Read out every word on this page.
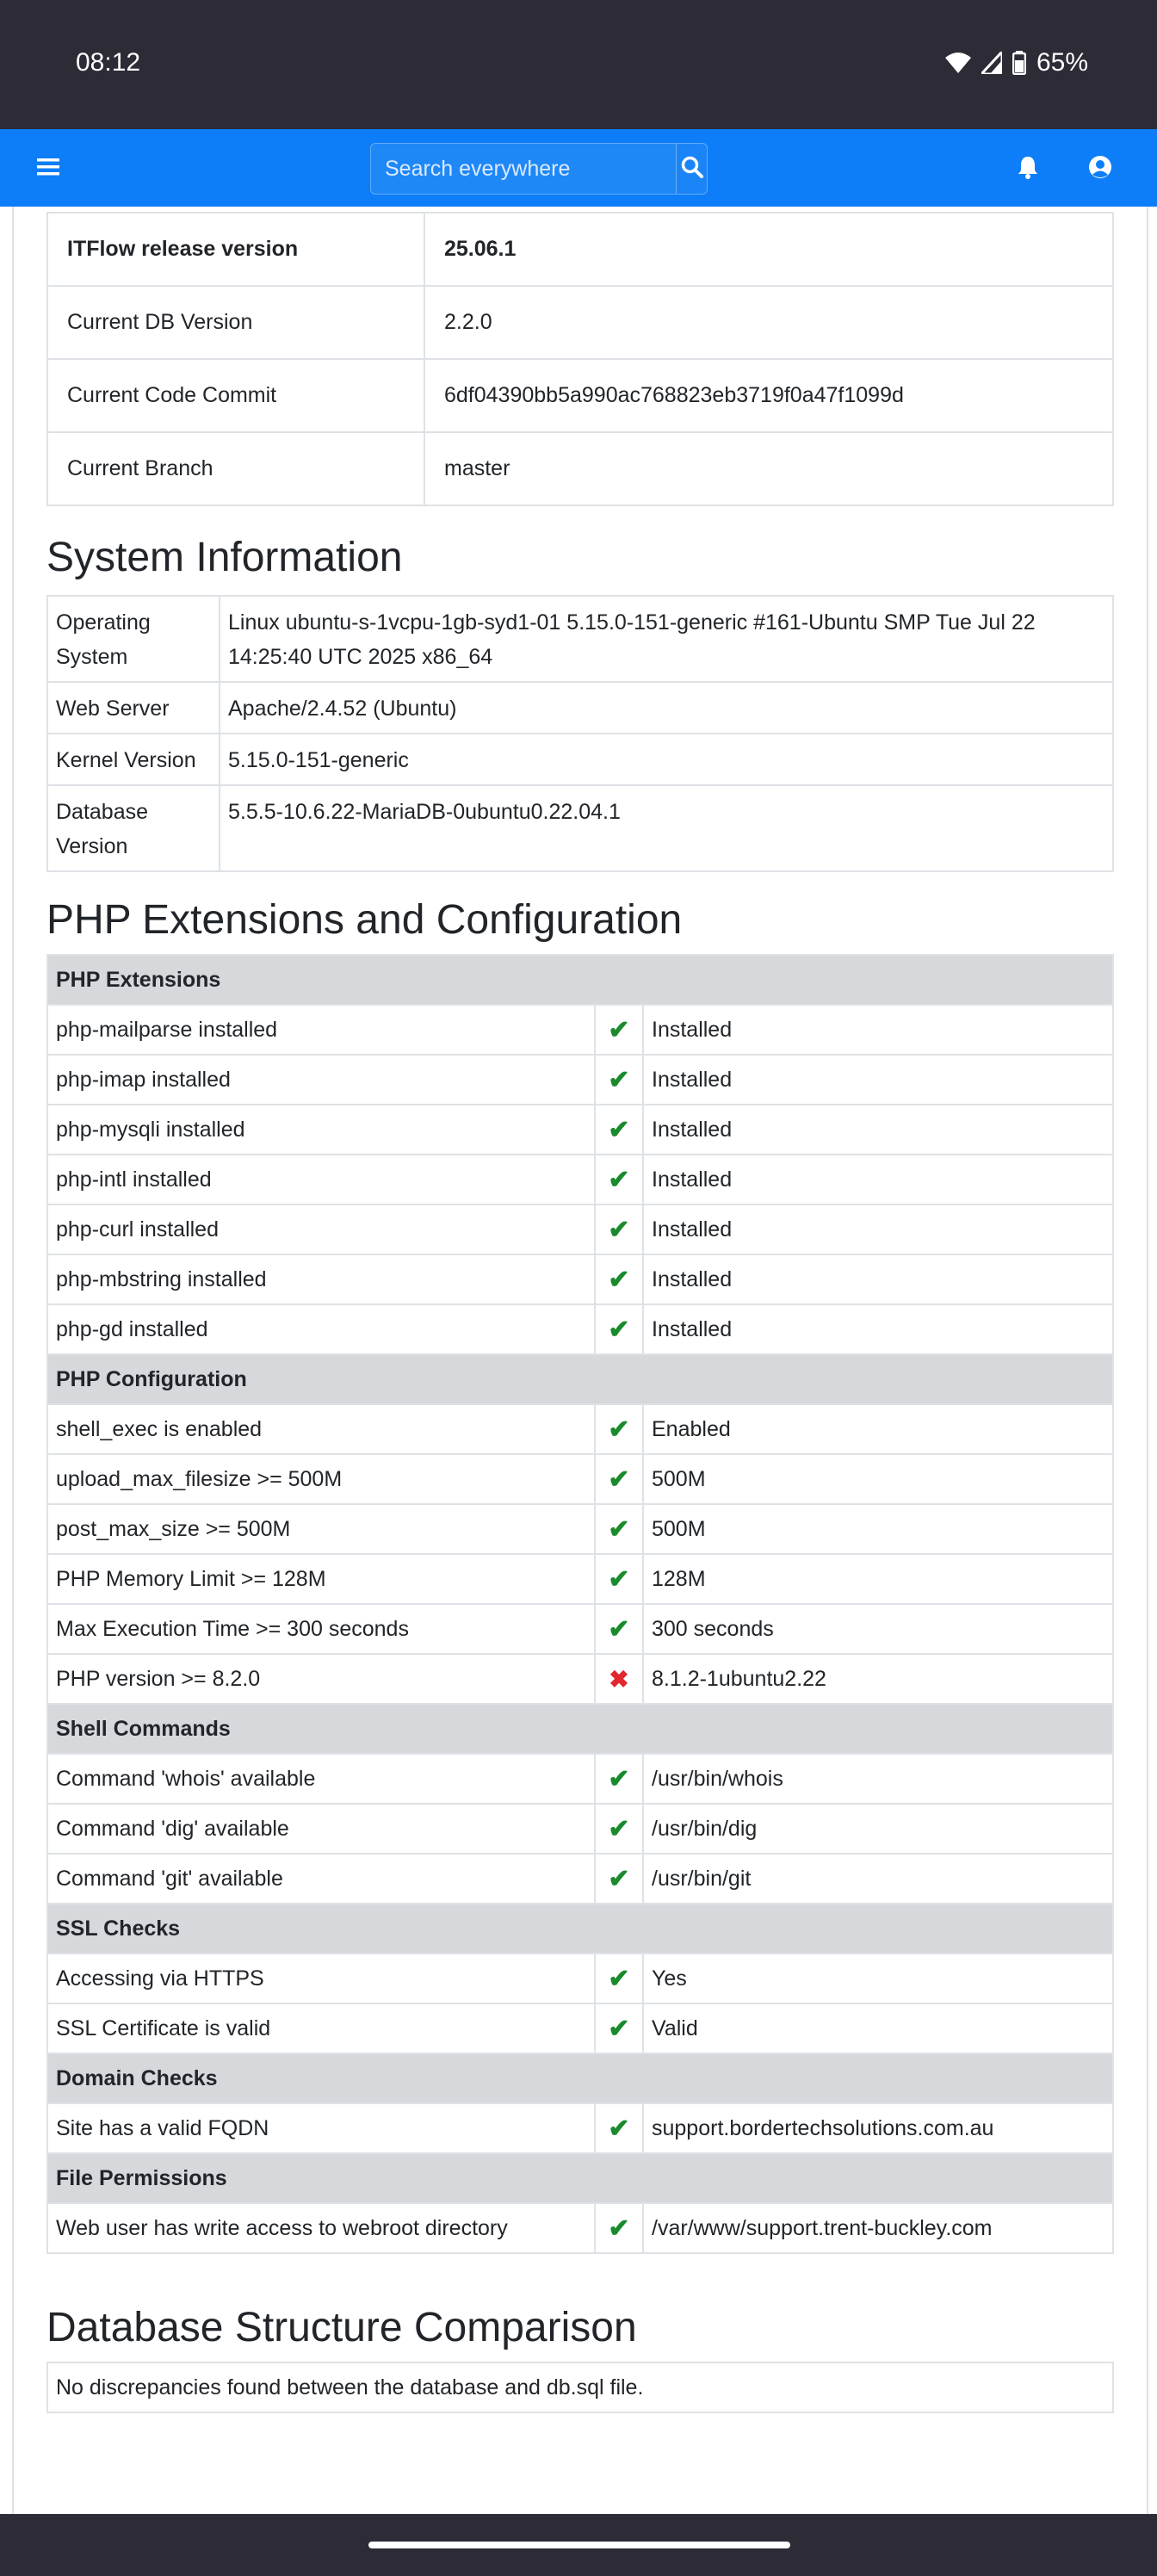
08:12	65%
Search everywhere
ITFlow release version	25.06.1
Current DB Version	2.2.0
Current Code Commit	6df04390bb5a990ac768823eb3719f0a47f1099d
Current Branch	master
System Information
Operating System	Linux ubuntu-s-1vcpu-1gb-syd1-01 5.15.0-151-generic #161-Ubuntu SMP Tue Jul 22 14:25:40 UTC 2025 x86_64
Web Server	Apache/2.4.52 (Ubuntu)
Kernel Version	5.15.0-151-generic
Database Version	5.5.5-10.6.22-MariaDB-0ubuntu0.22.04.1
PHP Extensions and Configuration
PHP Extensions		
php-mailparse installed	✔	Installed
php-imap installed	✔	Installed
php-mysqli installed	✔	Installed
php-intl installed	✔	Installed
php-curl installed	✔	Installed
php-mbstring installed	✔	Installed
php-gd installed	✔	Installed
PHP Configuration		
shell_exec is enabled	✔	Enabled
upload_max_filesize >= 500M	✔	500M
post_max_size >= 500M	✔	500M
PHP Memory Limit >= 128M	✔	128M
Max Execution Time >= 300 seconds	✔	300 seconds
PHP version >= 8.2.0	✖	8.1.2-1ubuntu2.22
Shell Commands		
Command 'whois' available	✔	/usr/bin/whois
Command 'dig' available	✔	/usr/bin/dig
Command 'git' available	✔	/usr/bin/git
SSL Checks		
Accessing via HTTPS	✔	Yes
SSL Certificate is valid	✔	Valid
Domain Checks		
Site has a valid FQDN	✔	support.bordertechsolutions.com.au
File Permissions		
Web user has write access to webroot directory	✔	/var/www/support.trent-buckley.com
Database Structure Comparison
No discrepancies found between the database and db.sql file.
